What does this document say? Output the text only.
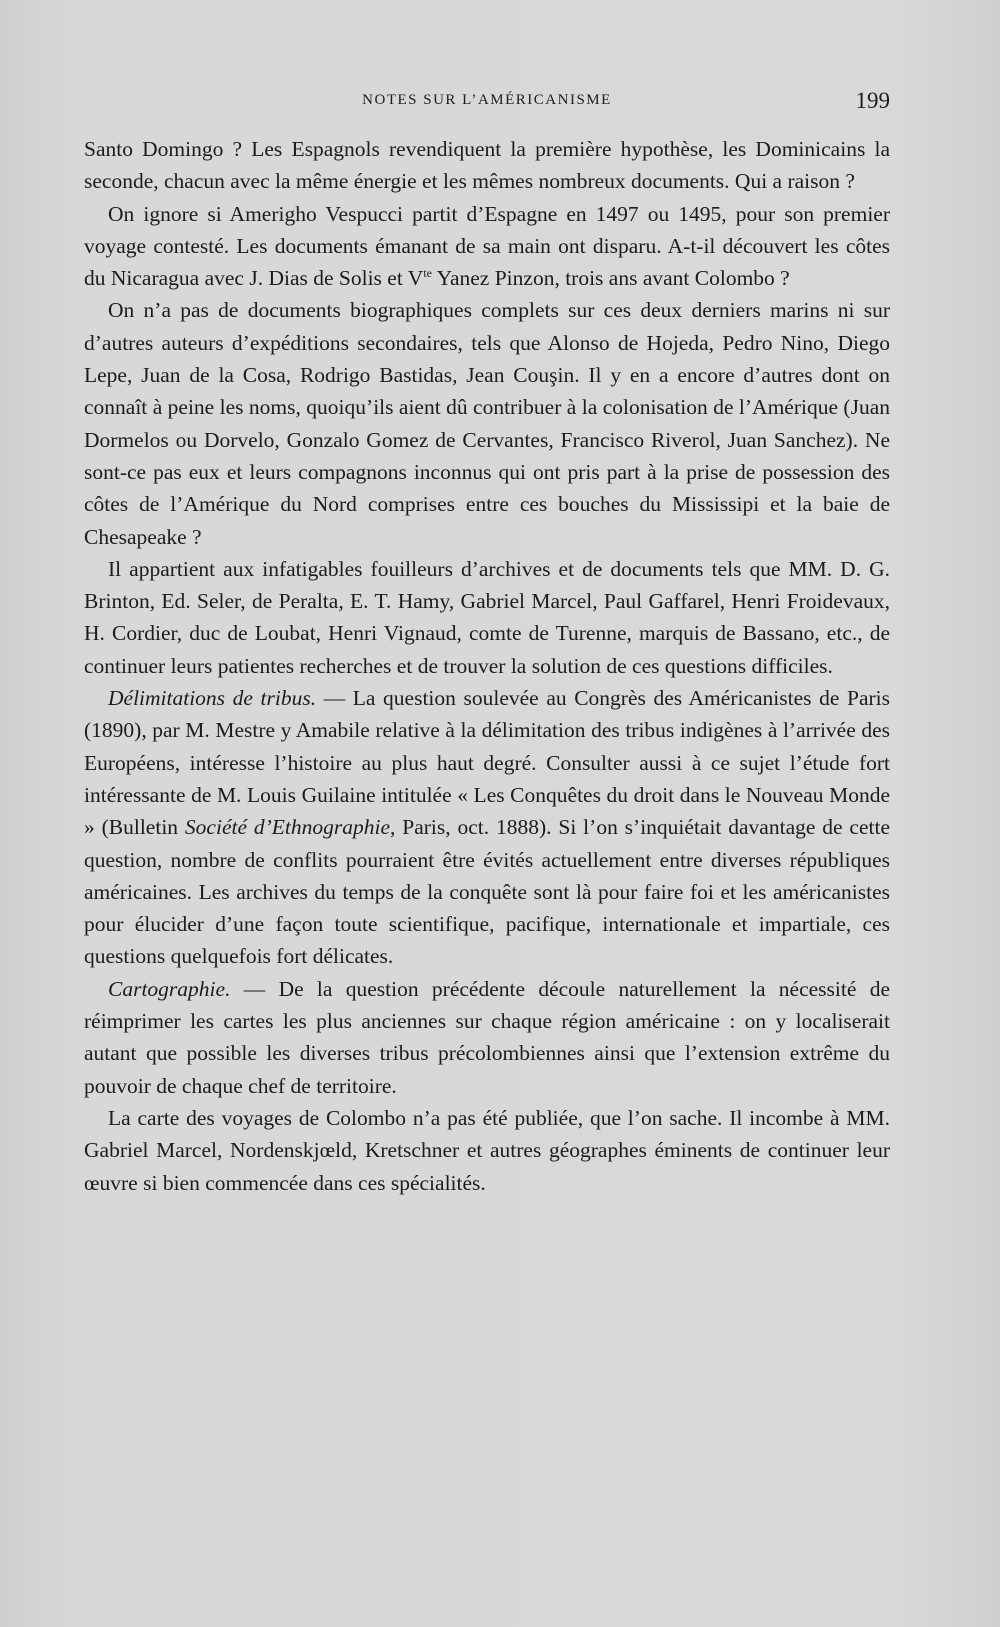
NOTES SUR L’AMÉRICANISME	199

Santo Domingo ? Les Espagnols revendiquent la première hypothèse, les Dominicains la seconde, chacun avec la même énergie et les mêmes nombreux documents. Qui a raison ?

On ignore si Amerigho Vespucci partit d’Espagne en 1497 ou 1495, pour son premier voyage contesté. Les documents émanant de sa main ont disparu. A-t-il découvert les côtes du Nicaragua avec J. Dias de Solis et $V^{te}$ Yanez Pinzon, trois ans avant Colombo ?

On n’a pas de documents biographiques complets sur ces deux derniers marins ni sur d’autres auteurs d’expéditions secondaires, tels que Alonso de Hojeda, Pedro Nino, Diego Lepe, Juan de la Cosa, Rodrigo Bastidas, Jean Couşin. Il y en a encore d’autres dont on connaît à peine les noms, quoiqu’ils aient dû contribuer à la colonisation de l’Amérique (Juan Dormelos ou Dorvelo, Gonzalo Gomez de Cervantes, Francisco Riverol, Juan Sanchez). Ne sont-ce pas eux et leurs compagnons inconnus qui ont pris part à la prise de possession des côtes de l’Amérique du Nord comprises entre ces bouches du Mississipi et la baie de Chesapeake ?

Il appartient aux infatigables fouilleurs d’archives et de documents tels que MM. D. G. Brinton, Ed. Seler, de Peralta, E. T. Hamy, Gabriel Marcel, Paul Gaffarel, Henri Froidevaux, H. Cordier, duc de Loubat, Henri Vignaud, comte de Turenne, marquis de Bassano, etc., de continuer leurs patientes recherches et de trouver la solution de ces questions difficiles.

Délimitations de tribus. — La question soulevée au Congrès des Américanistes de Paris (1890), par M. Mestre y Amabile relative à la délimitation des tribus indigènes à l’arrivée des Européens, intéresse l’histoire au plus haut degré. Consulter aussi à ce sujet l’étude fort intéressante de M. Louis Guilaine intitulée « Les Conquêtes du droit dans le Nouveau Monde » (Bulletin Société d’Ethnographie, Paris, oct. 1888). Si l’on s’inquiétait davantage de cette question, nombre de conflits pourraient être évités actuellement entre diverses républiques américaines. Les archives du temps de la conquête sont là pour faire foi et les américanistes pour élucider d’une façon toute scientifique, pacifique, internationale et impartiale, ces questions quelquefois fort délicates.

Cartographie. — De la question précédente découle naturellement la nécessité de réimprimer les cartes les plus anciennes sur chaque région américaine : on y localiserait autant que possible les diverses tribus précolombiennes ainsi que l’extension extrême du pouvoir de chaque chef de territoire.

La carte des voyages de Colombo n’a pas été publiée, que l’on sache. Il incombe à MM. Gabriel Marcel, Nordenskjœld, Kretschner et autres géographes éminents de continuer leur œuvre si bien commencée dans ces spécialités.
